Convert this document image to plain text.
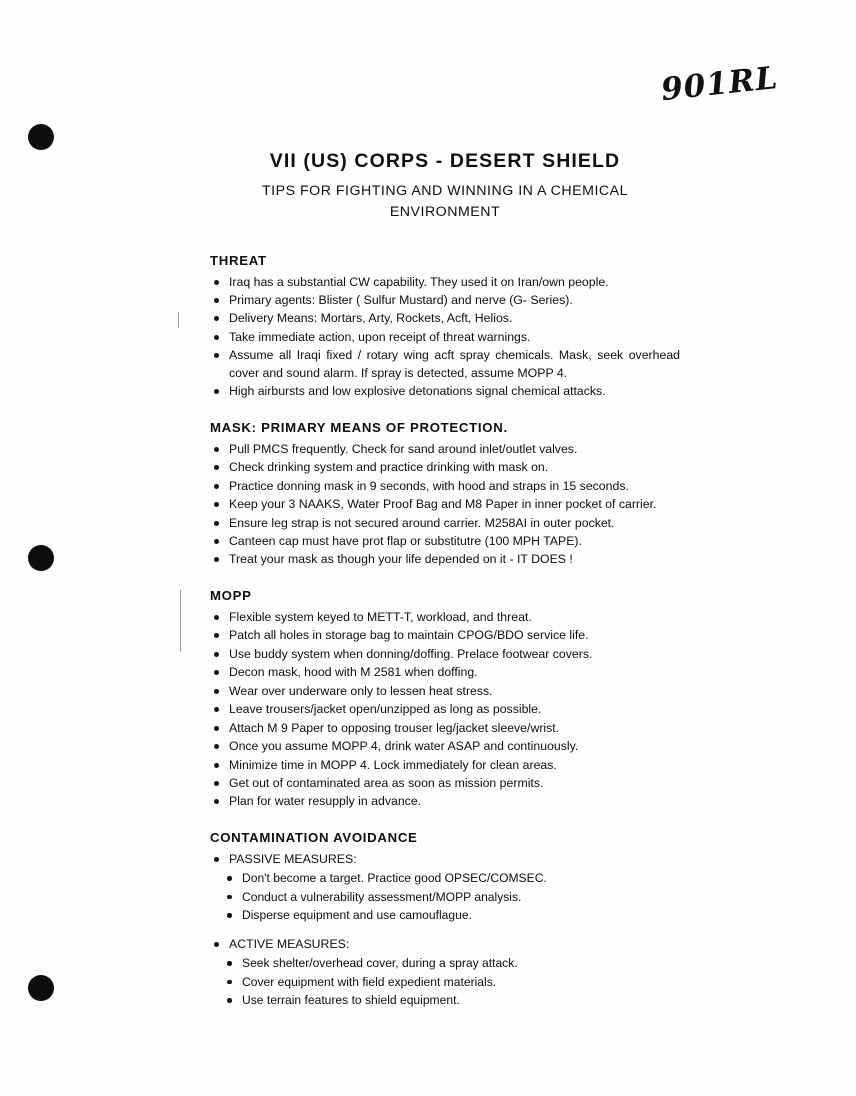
901RL
VII (US) CORPS - DESERT SHIELD
TIPS FOR FIGHTING AND WINNING IN A CHEMICAL
ENVIRONMENT
THREAT
Iraq has a substantial CW capability. They used it on Iran/own people.
Primary agents: Blister ( Sulfur Mustard) and nerve (G- Series).
Delivery Means: Mortars, Arty, Rockets, Acft, Helios.
Take immediate action, upon receipt of threat warnings.
Assume all Iraqi fixed / rotary wing acft spray chemicals. Mask, seek overhead cover and sound alarm. If spray is detected, assume MOPP 4.
High airbursts and low explosive detonations signal chemical attacks.
MASK: PRIMARY MEANS OF PROTECTION.
Pull PMCS frequently. Check for sand around inlet/outlet valves.
Check drinking system and practice drinking with mask on.
Practice donning mask in 9 seconds, with hood and straps in 15 seconds.
Keep your 3 NAAKS, Water Proof Bag and M8 Paper in inner pocket of carrier.
Ensure leg strap is not secured around carrier. M258AI in outer pocket.
Canteen cap must have prot flap or substitutre (100 MPH TAPE).
Treat your mask as though your life depended on it - IT DOES !
MOPP
Flexible system keyed to METT-T, workload, and threat.
Patch all holes in storage bag to maintain CPOG/BDO service life.
Use buddy system when donning/doffing. Prelace footwear covers.
Decon mask, hood with M 2581 when doffing.
Wear over underware only to lessen heat stress.
Leave trousers/jacket open/unzipped as long as possible.
Attach M 9 Paper to opposing trouser leg/jacket sleeve/wrist.
Once you assume MOPP 4, drink water ASAP and continuously.
Minimize time in MOPP 4. Lock immediately for clean areas.
Get out of contaminated area as soon as mission permits.
Plan for water resupply in advance.
CONTAMINATION AVOIDANCE
PASSIVE MEASURES:
Don't become a target. Practice good OPSEC/COMSEC.
Conduct a vulnerability assessment/MOPP analysis.
Disperse equipment and use camouflague.
ACTIVE MEASURES:
Seek shelter/overhead cover, during a spray attack.
Cover equipment with field expedient materials.
Use terrain features to shield equipment.
